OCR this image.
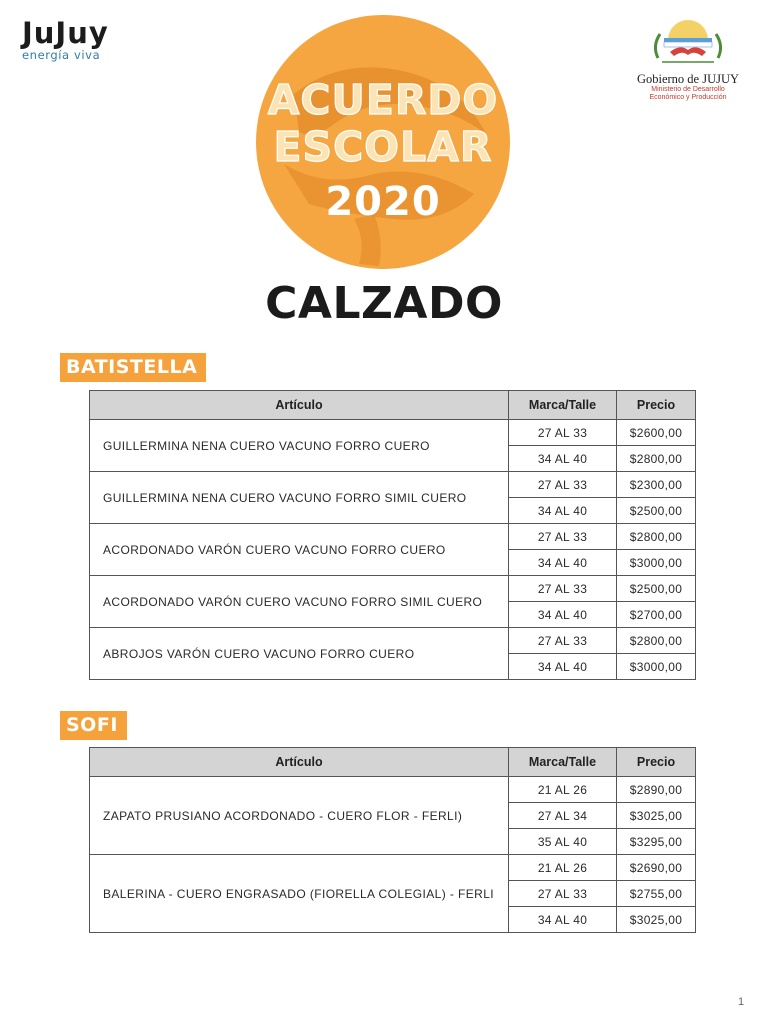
JuJuy
energía viva
Gobierno de JUJUY
Ministerio de Desarrollo
Económico y Producción
ACUERDO
ESCOLAR
2020
CALZADO
BATISTELLA
Artículo	Marca/Talle	Precio
GUILLERMINA NENA CUERO VACUNO FORRO CUERO	27 AL 33	$2600,00
	34 AL 40	$2800,00
GUILLERMINA NENA CUERO VACUNO FORRO SIMIL CUERO	27 AL 33	$2300,00
	34 AL 40	$2500,00
ACORDONADO VARÓN CUERO VACUNO FORRO CUERO	27 AL 33	$2800,00
	34 AL 40	$3000,00
ACORDONADO VARÓN CUERO VACUNO FORRO SIMIL CUERO	27 AL 33	$2500,00
	34 AL 40	$2700,00
ABROJOS VARÓN CUERO VACUNO FORRO CUERO	27 AL 33	$2800,00
	34 AL 40	$3000,00
SOFI
Artículo	Marca/Talle	Precio
ZAPATO PRUSIANO ACORDONADO - CUERO FLOR - FERLI)	21 AL 26	$2890,00
	27 AL 34	$3025,00
	35 AL 40	$3295,00
BALERINA - CUERO ENGRASADO (FIORELLA COLEGIAL) - FERLI	21 AL 26	$2690,00
	27 AL 33	$2755,00
	34 AL 40	$3025,00
1
